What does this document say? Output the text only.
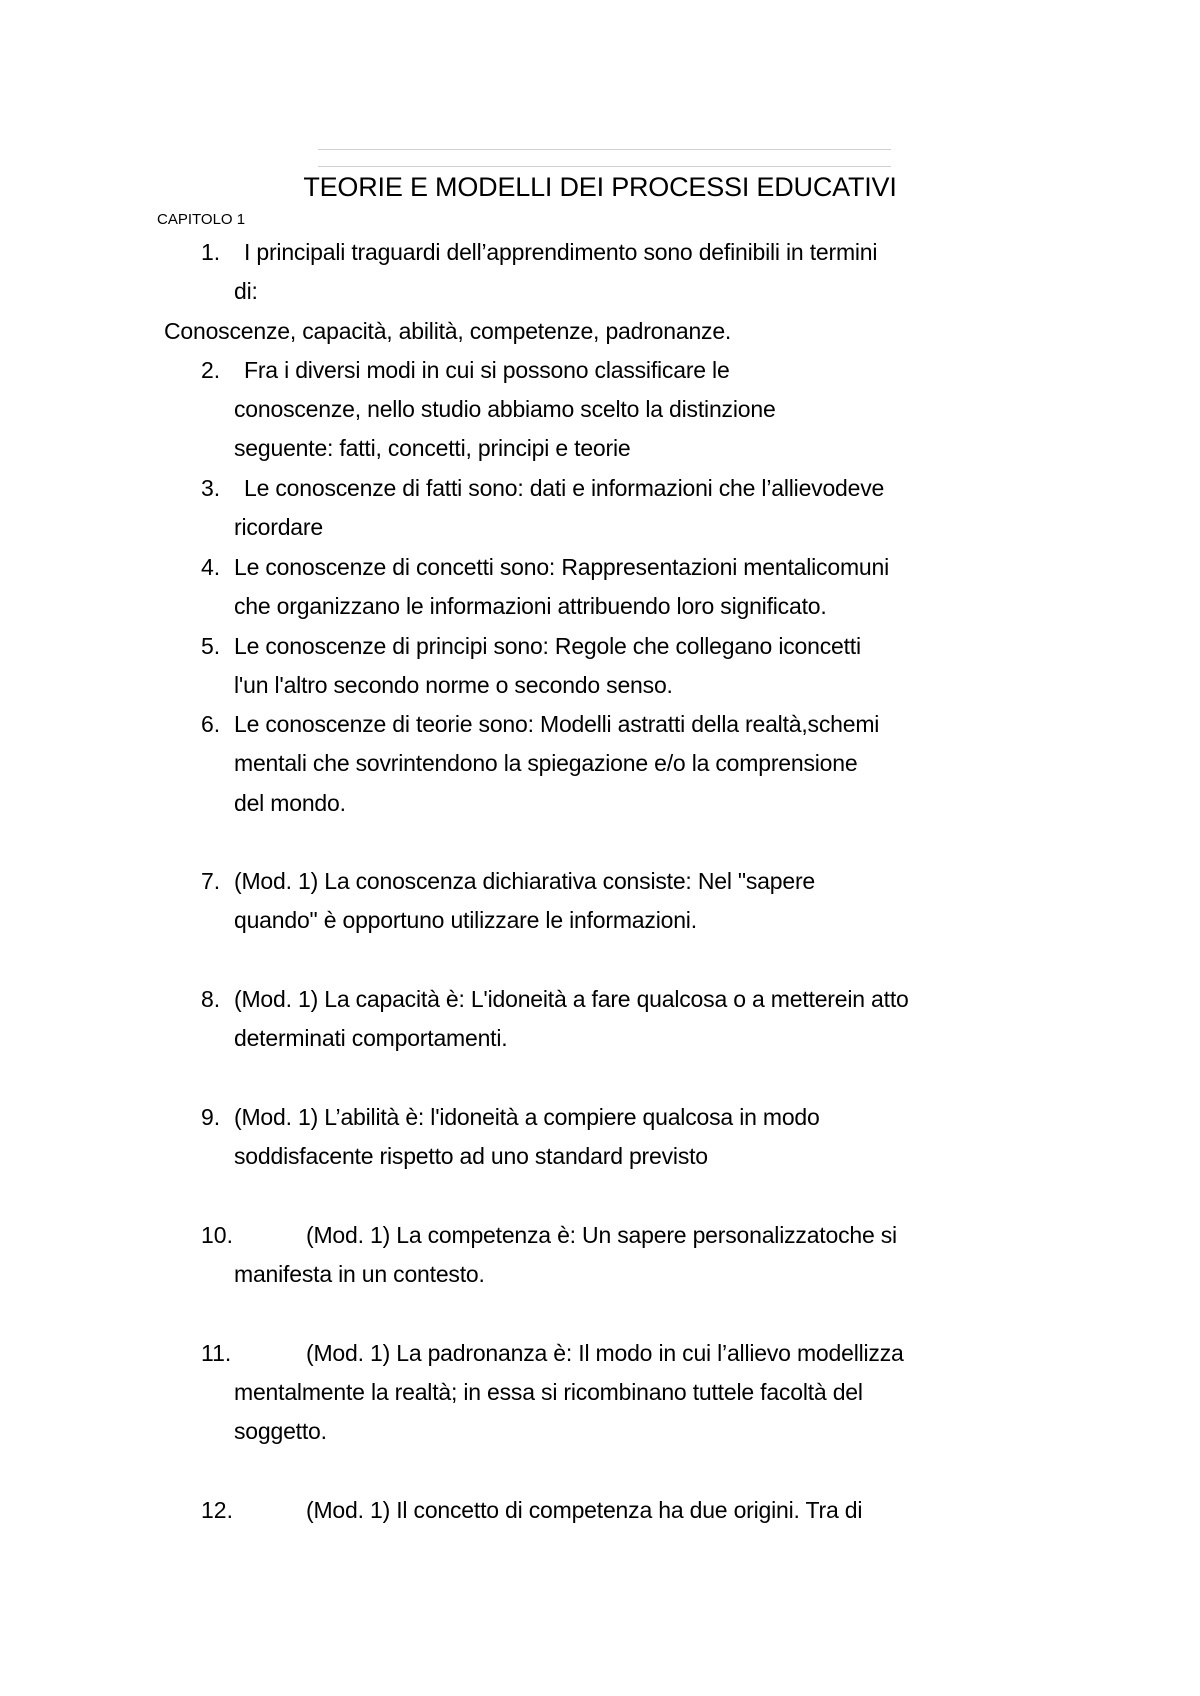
TEORIE E MODELLI DEI PROCESSI EDUCATIVI
CAPITOLO 1
1. I principali traguardi dell’apprendimento sono definibili in termini
di:
Conoscenze, capacità, abilità, competenze, padronanze.
2. Fra i diversi modi in cui si possono classificare le
conoscenze, nello studio abbiamo scelto la distinzione
seguente: fatti, concetti, principi e teorie
3. Le conoscenze di fatti sono: dati e informazioni che l’allievodeve
ricordare
4. Le conoscenze di concetti sono: Rappresentazioni mentalicomuni
che organizzano le informazioni attribuendo loro significato.
5. Le conoscenze di principi sono: Regole che collegano iconcetti
l'un l'altro secondo norme o secondo senso.
6. Le conoscenze di teorie sono: Modelli astratti della realtà,schemi
mentali che sovrintendono la spiegazione e/o la comprensione
del mondo.
7. (Mod. 1) La conoscenza dichiarativa consiste: Nel "sapere
quando" è opportuno utilizzare le informazioni.
8. (Mod. 1) La capacità è: L'idoneità a fare qualcosa o a metterein atto
determinati comportamenti.
9. (Mod. 1) L’abilità è: l'idoneità a compiere qualcosa in modo
soddisfacente rispetto ad uno standard previsto
10.	(Mod. 1) La competenza è: Un sapere personalizzatoche si
manifesta in un contesto.
11.	(Mod. 1) La padronanza è: Il modo in cui l’allievo modellizza
mentalmente la realtà; in essa si ricombinano tuttele facoltà del
soggetto.
12.	(Mod. 1) Il concetto di competenza ha due origini. Tra di
